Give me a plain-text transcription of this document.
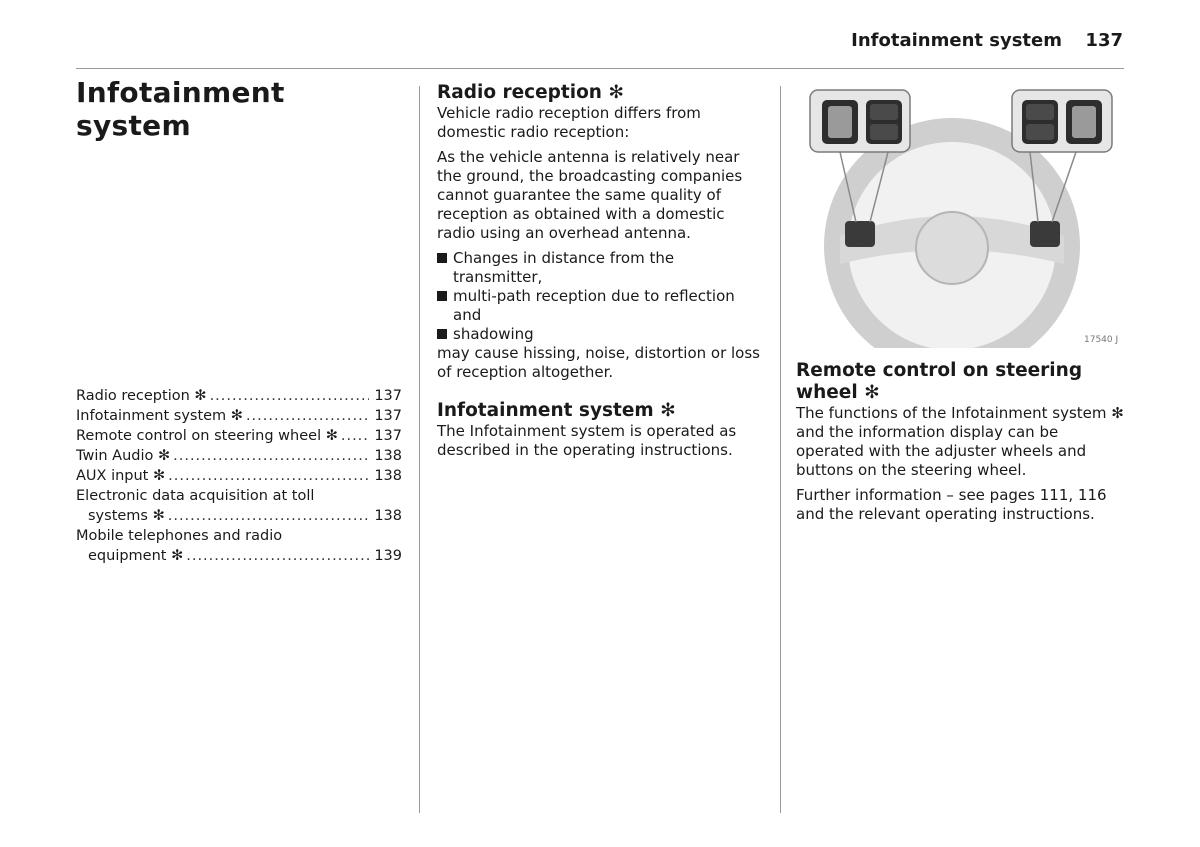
Infotainment system 137
Infotainment system
Radio reception ✻ .....	137
Infotainment system ✻ .....	137
Remote control on steering wheel ✻ .....	137
Twin Audio ✻ .....	138
AUX input ✻ .....	138
Electronic data acquisition at toll
systems ✻ .....	138
Mobile telephones and radio
equipment ✻ .....	139
Radio reception ✻

Vehicle radio reception differs from domestic radio reception:

As the vehicle antenna is relatively near the ground, the broadcasting companies cannot guarantee the same quality of reception as obtained with a domestic radio using an overhead antenna.

Changes in distance from the transmitter,
multi-path reception due to reflection and
shadowing

may cause hissing, noise, distortion or loss of reception altogether.

Infotainment system ✻

The Infotainment system is operated as described in the operating instructions.

17540 J
Remote control on steering wheel ✻

The functions of the Infotainment system ✻ and the information display can be operated with the adjuster wheels and buttons on the steering wheel.

Further information – see pages 111, 116 and the relevant operating instructions.
